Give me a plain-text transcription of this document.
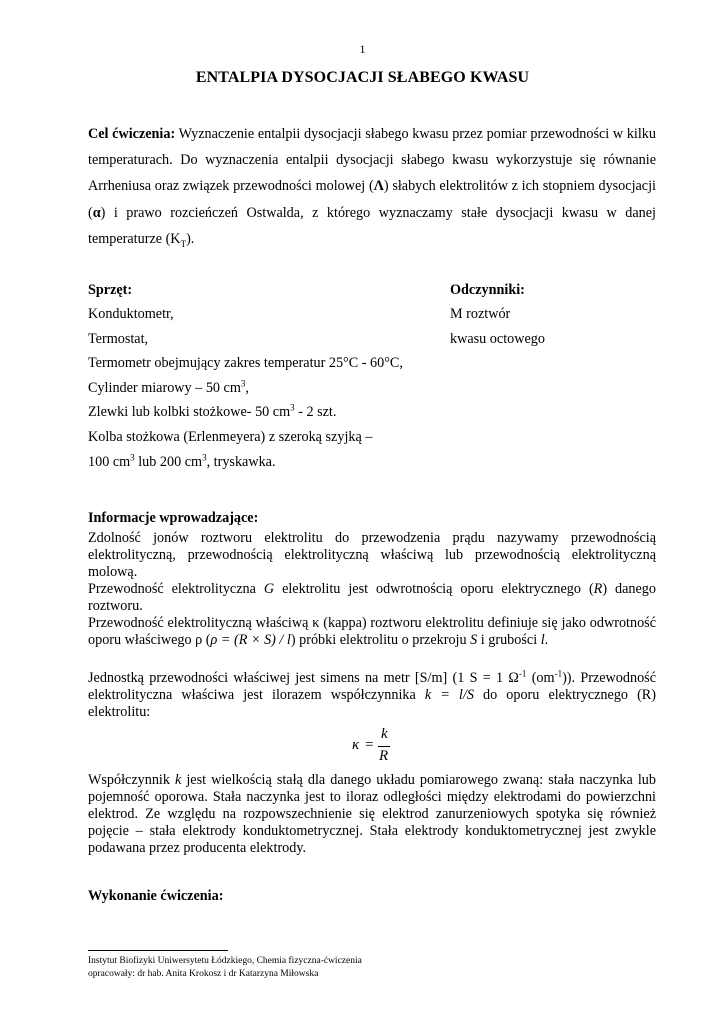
1
ENTALPIA DYSOCJACJI SŁABEGO KWASU
Cel ćwiczenia: Wyznaczenie entalpii dysocjacji słabego kwasu przez pomiar przewodności w kilku temperaturach. Do wyznaczenia entalpii dysocjacji słabego kwasu wykorzystuje się równanie Arrheniusa oraz związek przewodności molowej (Λ) słabych elektrolitów z ich stopniem dysocjacji (α) i prawo rozcieńczeń Ostwalda, z którego wyznaczamy stałe dysocjacji kwasu w danej temperaturze $(K_T)$.
Sprzęt:	Odczynniki:
Konduktometr,
Termostat,
Termometr obejmujący zakres temperatur 25°C - 60°C,
Cylinder miarowy – 50 $cm^3$,
Zlewki lub kolbki stożkowe- 50 $cm^3 - 2$ szt.
Kolba stożkowa (Erlenmeyera) z szeroką szyjką –
100 $cm^3$ lub 200 $cm^3$, tryskawka.
M roztwór
kwasu octowego
Informacje wprowadzające:
Zdolność jonów roztworu elektrolitu do przewodzenia prądu nazywamy przewodnością elektrolityczną, przewodnością elektrolityczną właściwą lub przewodnością elektrolityczną molową.
Przewodność elektrolityczna G elektrolitu jest odwrotnością oporu elektrycznego (R) danego roztworu.
Przewodność elektrolityczną właściwą κ (kappa) roztworu elektrolitu definiuje się jako odwrotność oporu właściwego ρ (ρ = (R × S) / l) próbki elektrolitu o przekroju S i grubości l.
Jednostką przewodności właściwej jest simens na metr [S/m] (1 S = 1 $\Omega^{-1}$ $(om^{-1})$). Przewodność elektrolityczna właściwa jest ilorazem współczynnika k = l/S do oporu elektrycznego (R) elektrolitu:
κ =
k
R
Współczynnik k jest wielkością stałą dla danego układu pomiarowego zwaną: stała naczynka lub pojemność oporowa. Stała naczynka jest to iloraz odległości między elektrodami do powierzchni elektrod. Ze względu na rozpowszechnienie się elektrod zanurzeniowych spotyka się również pojęcie – stała elektrody konduktometrycznej. Stała elektrody konduktometrycznej jest zwykle podawana przez producenta elektrody.
Wykonanie ćwiczenia:
Instytut Biofizyki Uniwersytetu Łódzkiego, Chemia fizyczna-ćwiczenia
opracowały: dr hab. Anita Krokosz i dr Katarzyna Miłowska
